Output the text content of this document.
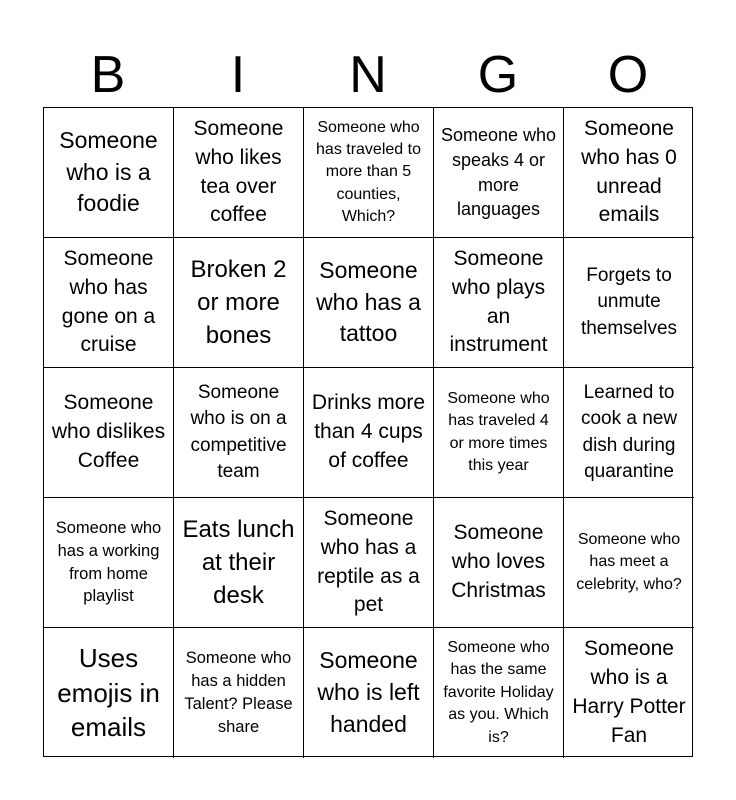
B	I	N	G	O
Someone who is a foodie
Someone who likes tea over coffee
Someone who has traveled to more than 5 counties, Which?
Someone who speaks 4 or more languages
Someone who has 0 unread emails
Someone who has gone on a cruise
Broken 2 or more bones
Someone who has a tattoo
Someone who plays an instrument
Forgets to unmute themselves
Someone who dislikes Coffee
Someone who is on a competitive team
Drinks more than 4 cups of coffee
Someone who has traveled 4 or more times this year
Learned to cook a new dish during quarantine
Someone who has a working from home playlist
Eats lunch at their desk
Someone who has a reptile as a pet
Someone who loves Christmas
Someone who has meet a celebrity, who?
Uses emojis in emails
Someone who has a hidden Talent? Please share
Someone who is left handed
Someone who has the same favorite Holiday as you. Which is?
Someone who is a Harry Potter Fan
